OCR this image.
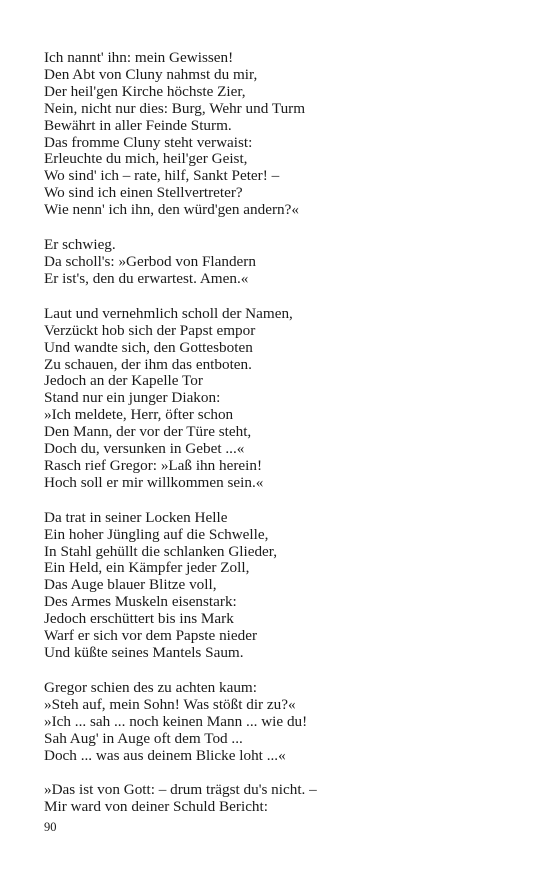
Ich nannt' ihn: mein Gewissen!
Den Abt von Cluny nahmst du mir,
Der heil'gen Kirche höchste Zier,
Nein, nicht nur dies: Burg, Wehr und Turm
Bewährt in aller Feinde Sturm.
Das fromme Cluny steht verwaist:
Erleuchte du mich, heil'ger Geist,
Wo sind' ich – rate, hilf, Sankt Peter! –
Wo sind ich einen Stellvertreter?
Wie nenn' ich ihn, den würd'gen andern?«
Er schwieg.
Da scholl's: »Gerbod von Flandern
Er ist's, den du erwartest. Amen.«
Laut und vernehmlich scholl der Namen,
Verzückt hob sich der Papst empor
Und wandte sich, den Gottesboten
Zu schauen, der ihm das entboten.
Jedoch an der Kapelle Tor
Stand nur ein junger Diakon:
»Ich meldete, Herr, öfter schon
Den Mann, der vor der Türe steht,
Doch du, versunken in Gebet ...«
Rasch rief Gregor: »Laß ihn herein!
Hoch soll er mir willkommen sein.«
Da trat in seiner Locken Helle
Ein hoher Jüngling auf die Schwelle,
In Stahl gehüllt die schlanken Glieder,
Ein Held, ein Kämpfer jeder Zoll,
Das Auge blauer Blitze voll,
Des Armes Muskeln eisenstark:
Jedoch erschüttert bis ins Mark
Warf er sich vor dem Papste nieder
Und küßte seines Mantels Saum.
Gregor schien des zu achten kaum:
»Steh auf, mein Sohn! Was stößt dir zu?«
»Ich ... sah ... noch keinen Mann ... wie du!
Sah Aug' in Auge oft dem Tod ...
Doch ... was aus deinem Blicke loht ...«
»Das ist von Gott: – drum trägst du's nicht. –
Mir ward von deiner Schuld Bericht:
90
